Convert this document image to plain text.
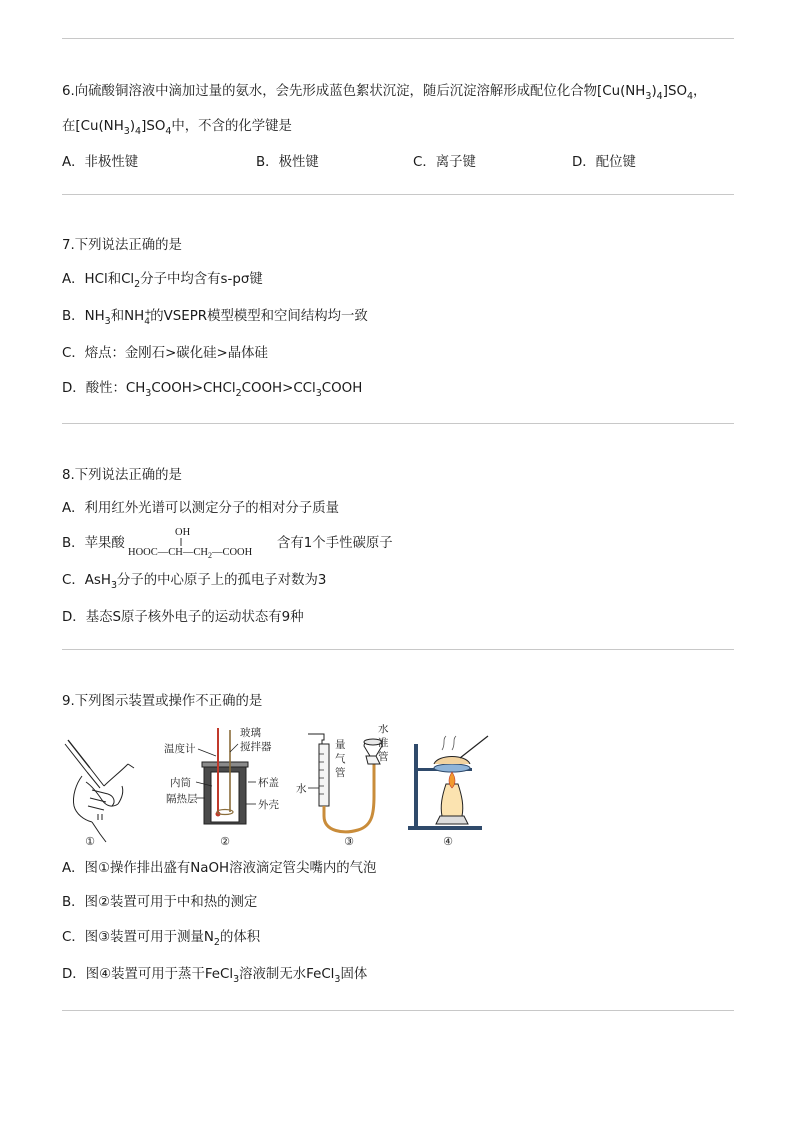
6.向硫酸铜溶液中滴加过量的氨水，会先形成蓝色絮状沉淀，随后沉淀溶解形成配位化合物$[Cu(NH_3)_4]SO_4$，
在$[Cu(NH_3)_4]SO_4$中，不含的化学键是
A．非极性键	B．极性键	C．离子键	D．配位键
7.下列说法正确的是
A．HCl和$Cl_2$分子中均含有s-pσ键
B．$NH_3$和NH +
4 的VSEPR模型模型和空间结构均一致
C．熔点：金刚石>碳化硅>晶体硅
D．酸性：$CH_3COOH>CHCl_2COOH>CCl_3COOH$
8.下列说法正确的是
A．利用红外光谱可以测定分子的相对分子质量
B．苹果酸
OH
$HOOC—CH—CH_2—COOH$
含有1个手性碳原子
C．AsH$_3$分子的中心原子上的孤电子对数为3
D．基态S原子核外电子的运动状态有9种
9.下列图示装置或操作不正确的是
①
温度计
玻璃
搅拌器
内筒
隔热层
杯盖
外壳
②
量
气
管
水
准
管
水
③	④
A．图①操作排出盛有NaOH溶液滴定管尖嘴内的气泡
B．图②装置可用于中和热的测定
C．图③装置可用于测量$N_2$的体积
D．图④装置可用于蒸干FeCl$_3$溶液制无水FeCl$_3$固体
